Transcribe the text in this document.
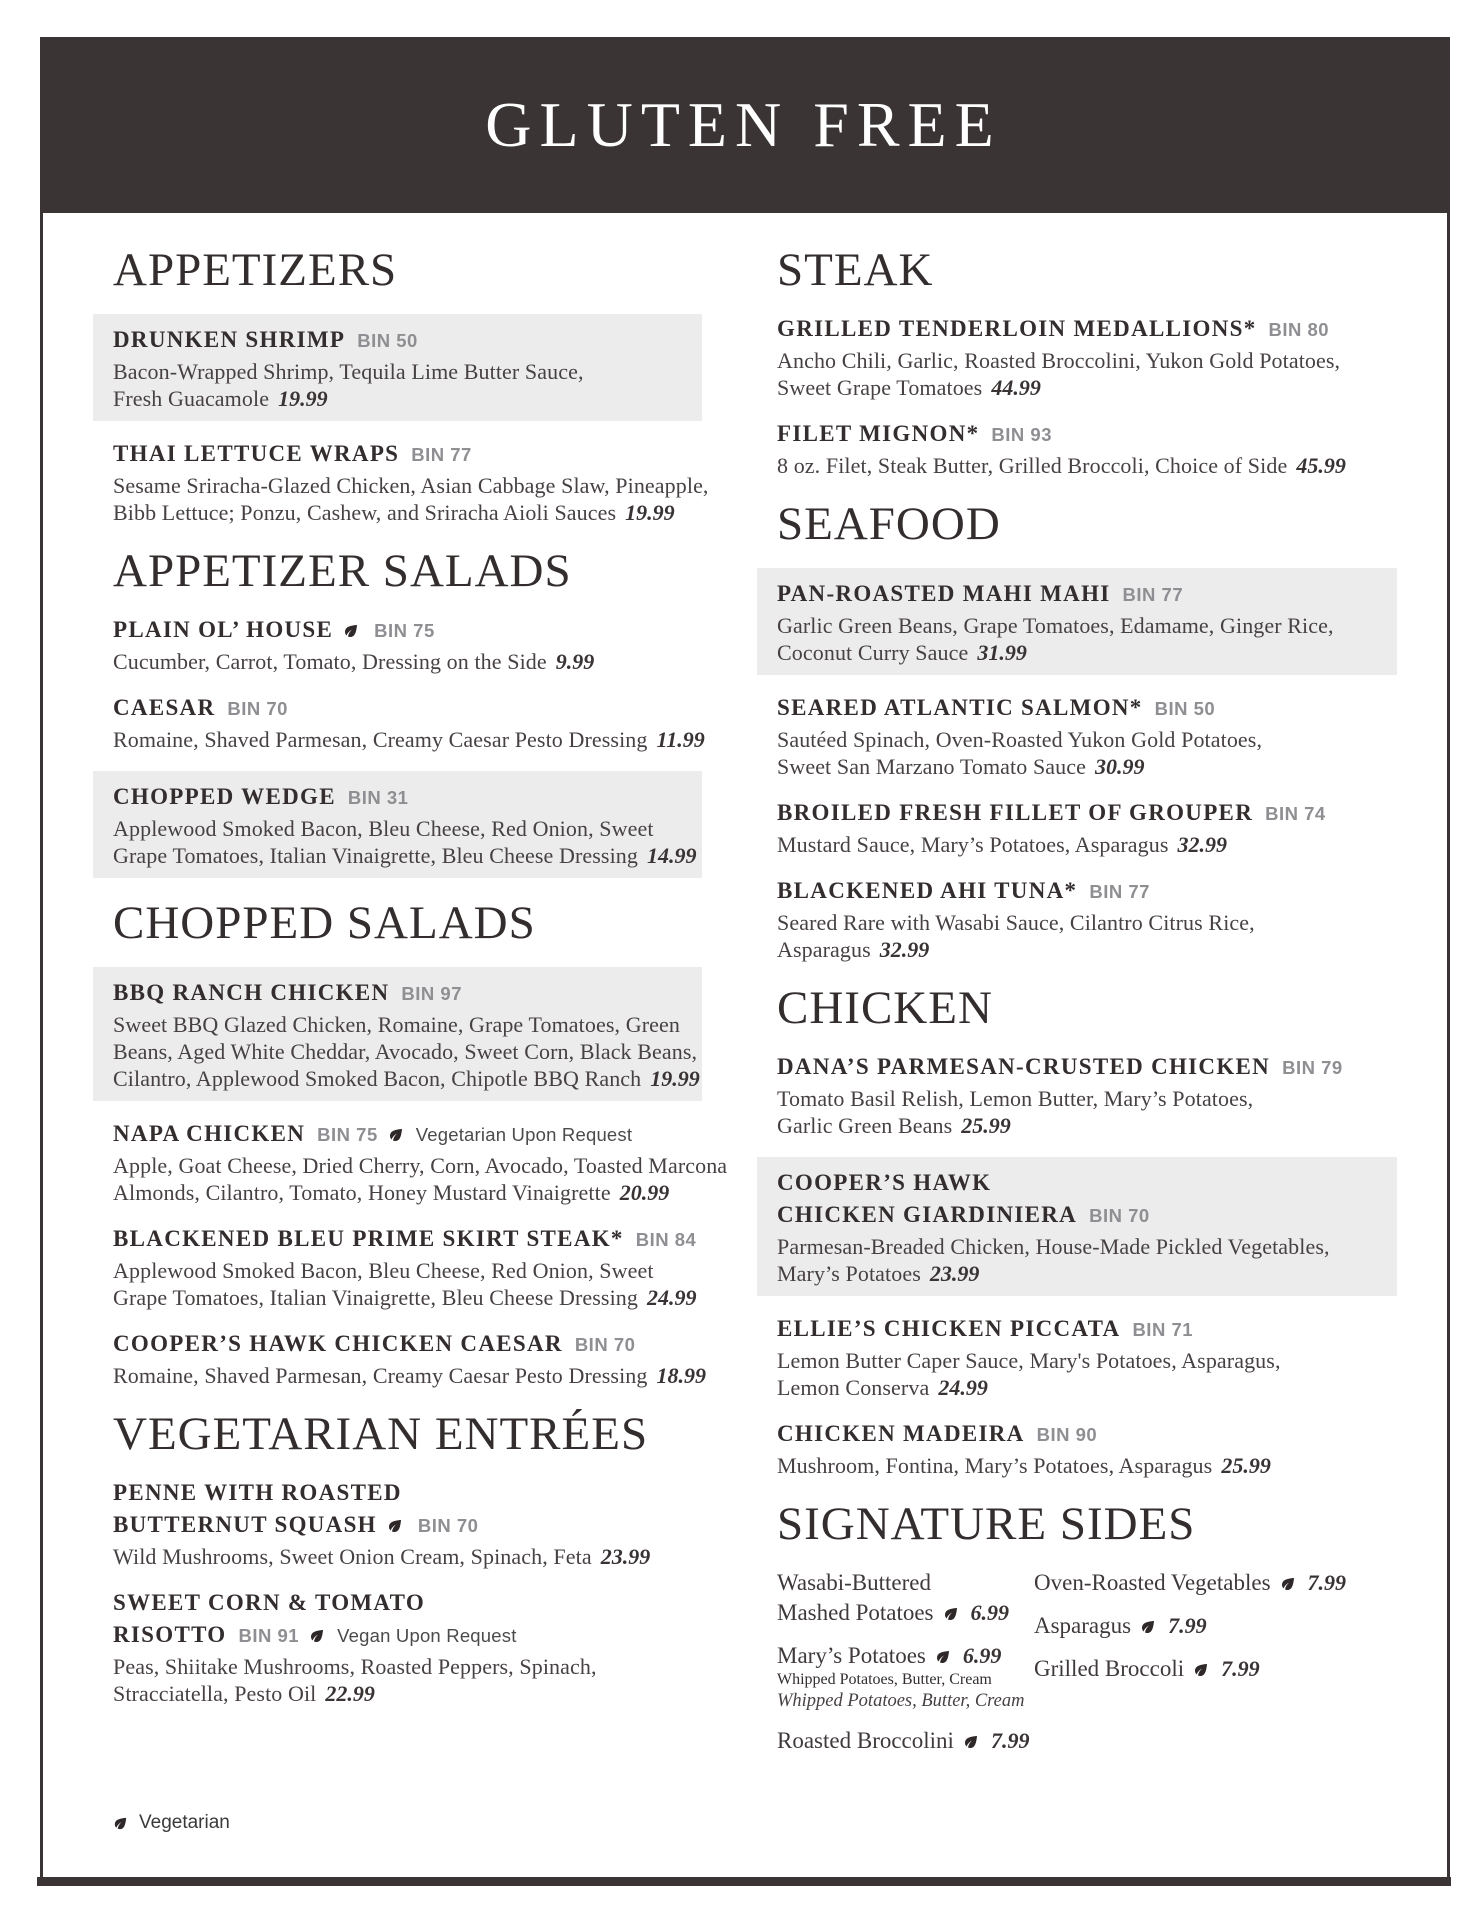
GLUTEN FREE
APPETIZERS
DRUNKEN SHRIMP BIN 50
Bacon-Wrapped Shrimp, Tequila Lime Butter Sauce,
Fresh Guacamole 19.99
THAI LETTUCE WRAPS BIN 77
Sesame Sriracha-Glazed Chicken, Asian Cabbage Slaw, Pineapple,
Bibb Lettuce; Ponzu, Cashew, and Sriracha Aioli Sauces 19.99
APPETIZER SALADS
PLAIN OL’ HOUSE BIN 75
Cucumber, Carrot, Tomato, Dressing on the Side 9.99
CAESAR BIN 70
Romaine, Shaved Parmesan, Creamy Caesar Pesto Dressing 11.99
CHOPPED WEDGE BIN 31
Applewood Smoked Bacon, Bleu Cheese, Red Onion, Sweet
Grape Tomatoes, Italian Vinaigrette, Bleu Cheese Dressing 14.99
CHOPPED SALADS
BBQ RANCH CHICKEN BIN 97
Sweet BBQ Glazed Chicken, Romaine, Grape Tomatoes, Green
Beans, Aged White Cheddar, Avocado, Sweet Corn, Black Beans,
Cilantro, Applewood Smoked Bacon, Chipotle BBQ Ranch 19.99
NAPA CHICKEN BIN 75 Vegetarian Upon Request
Apple, Goat Cheese, Dried Cherry, Corn, Avocado, Toasted Marcona
Almonds, Cilantro, Tomato, Honey Mustard Vinaigrette 20.99
BLACKENED BLEU PRIME SKIRT STEAK* BIN 84
Applewood Smoked Bacon, Bleu Cheese, Red Onion, Sweet
Grape Tomatoes, Italian Vinaigrette, Bleu Cheese Dressing 24.99
COOPER’S HAWK CHICKEN CAESAR BIN 70
Romaine, Shaved Parmesan, Creamy Caesar Pesto Dressing 18.99
VEGETARIAN ENTRÉES
PENNE WITH ROASTED
BUTTERNUT SQUASH BIN 70
Wild Mushrooms, Sweet Onion Cream, Spinach, Feta 23.99
SWEET CORN & TOMATO
RISOTTO BIN 91 Vegan Upon Request
Peas, Shiitake Mushrooms, Roasted Peppers, Spinach,
Stracciatella, Pesto Oil 22.99
STEAK
GRILLED TENDERLOIN MEDALLIONS* BIN 80
Ancho Chili, Garlic, Roasted Broccolini, Yukon Gold Potatoes,
Sweet Grape Tomatoes 44.99
FILET MIGNON* BIN 93
8 oz. Filet, Steak Butter, Grilled Broccoli, Choice of Side 45.99
SEAFOOD
PAN-ROASTED MAHI MAHI BIN 77
Garlic Green Beans, Grape Tomatoes, Edamame, Ginger Rice,
Coconut Curry Sauce 31.99
SEARED ATLANTIC SALMON* BIN 50
Sautéed Spinach, Oven-Roasted Yukon Gold Potatoes,
Sweet San Marzano Tomato Sauce 30.99
BROILED FRESH FILLET OF GROUPER BIN 74
Mustard Sauce, Mary’s Potatoes, Asparagus 32.99
BLACKENED AHI TUNA* BIN 77
Seared Rare with Wasabi Sauce, Cilantro Citrus Rice,
Asparagus 32.99
CHICKEN
DANA’S PARMESAN-CRUSTED CHICKEN BIN 79
Tomato Basil Relish, Lemon Butter, Mary’s Potatoes,
Garlic Green Beans 25.99
COOPER’S HAWK
CHICKEN GIARDINIERA BIN 70
Parmesan-Breaded Chicken, House-Made Pickled Vegetables,
Mary’s Potatoes 23.99
ELLIE’S CHICKEN PICCATA BIN 71
Lemon Butter Caper Sauce, Mary's Potatoes, Asparagus,
Lemon Conserva 24.99
CHICKEN MADEIRA BIN 90
Mushroom, Fontina, Mary’s Potatoes, Asparagus 25.99
SIGNATURE SIDES
Wasabi-Buttered
Mashed Potatoes 6.99
Mary’s Potatoes 6.99
Whipped Potatoes, Butter, Cream
Whipped Potatoes, Butter, Cream
Roasted Broccolini 7.99
Oven-Roasted Vegetables 7.99
Asparagus 7.99
Grilled Broccoli 7.99
Vegetarian
